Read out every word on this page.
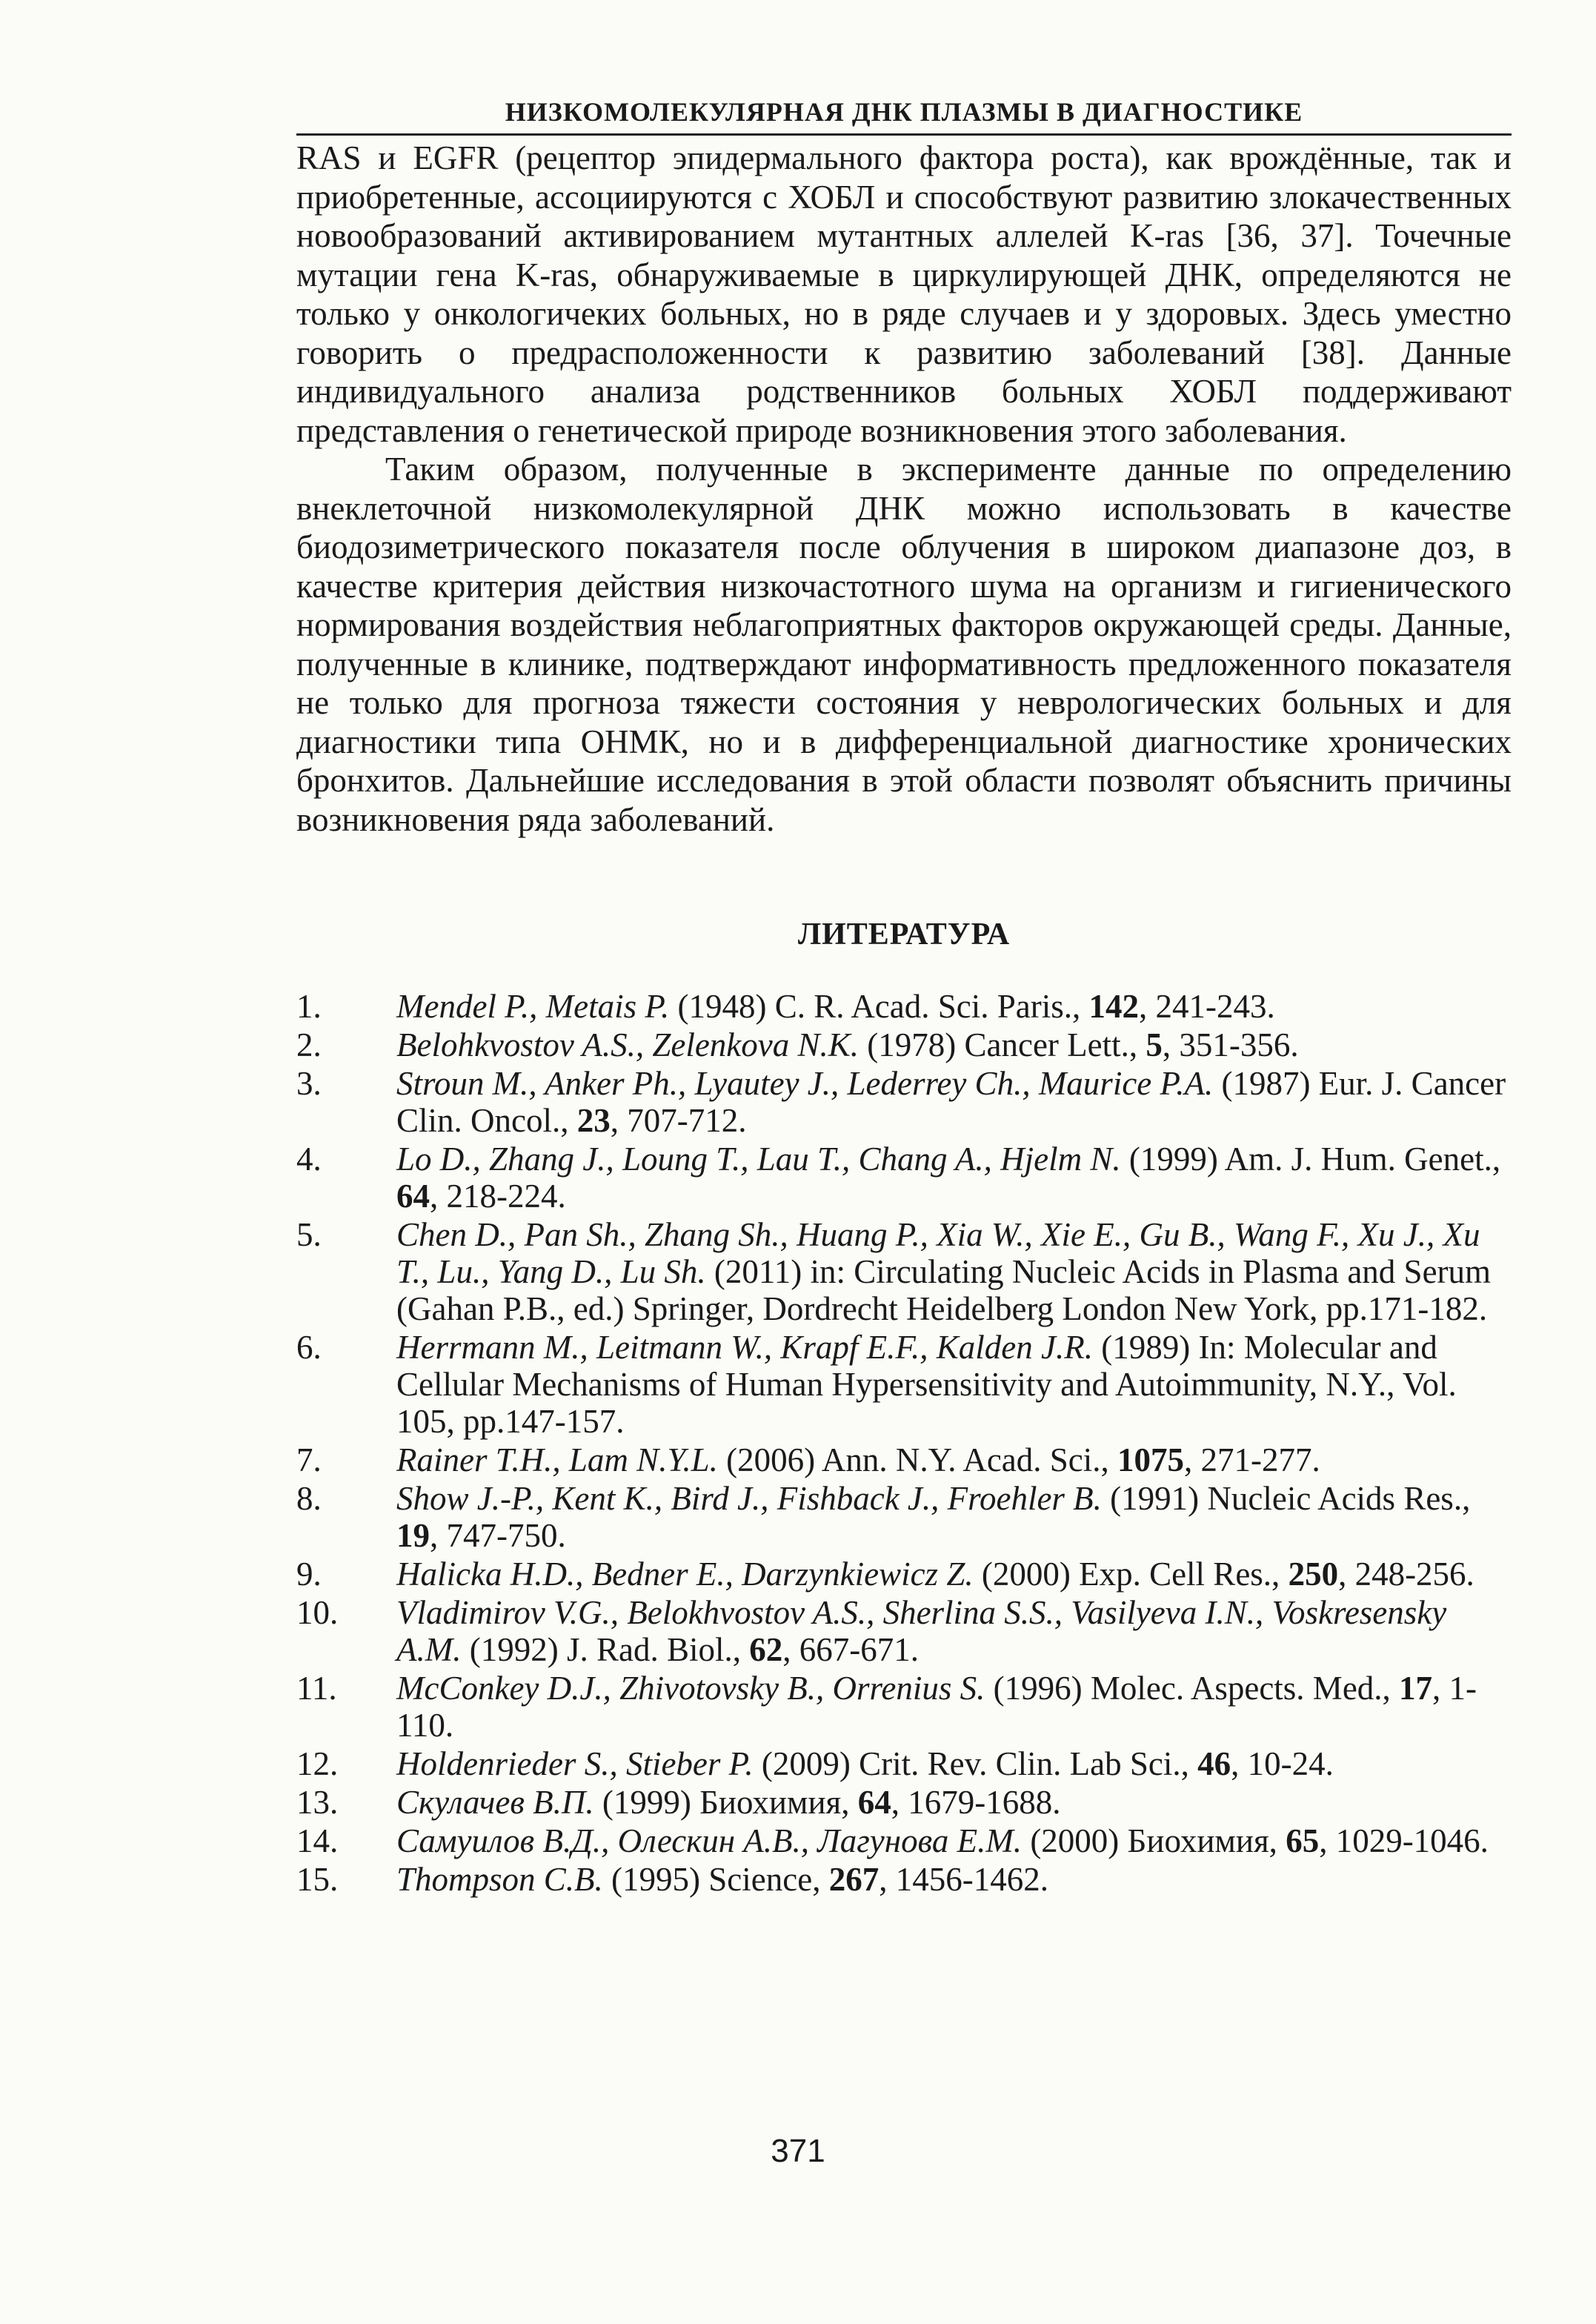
НИЗКОМОЛЕКУЛЯРНАЯ ДНК ПЛАЗМЫ В ДИАГНОСТИКЕ

RAS и EGFR (рецептор эпидермального фактора роста), как врождённые, так и приобретенные, ассоциируются с ХОБЛ и способствуют развитию злокачественных новообразований активированием мутантных аллелей K-ras [36, 37]. Точечные мутации гена K-ras, обнаруживаемые в циркулирующей ДНК, определяются не только у онкологичеких больных, но в ряде случаев и у здоровых. Здесь уместно говорить о предрасположенности к развитию заболеваний [38]. Данные индивидуального анализа родственников больных ХОБЛ поддерживают представления о генетической природе возникновения этого заболевания.

Таким образом, полученные в эксперименте данные по определению внеклеточной низкомолекулярной ДНК можно использовать в качестве биодозиметрического показателя после облучения в широком диапазоне доз, в качестве критерия действия низкочастотного шума на организм и гигиенического нормирования воздействия неблагоприятных факторов окружающей среды. Данные, полученные в клинике, подтверждают информативность предложенного показателя не только для прогноза тяжести состояния у неврологических больных и для диагностики типа ОНМК, но и в дифференциальной диагностике хронических бронхитов. Дальнейшие исследования в этой области позволят объяснить причины возникновения ряда заболеваний.

ЛИТЕРАТУРА
1.	Mendel P., Metais P. (1948) C. R. Acad. Sci. Paris., 142, 241-243.
2.	Belohkvostov A.S., Zelenkova N.K. (1978) Cancer Lett., 5, 351-356.
3.	Stroun M., Anker Ph., Lyautey J., Lederrey Ch., Maurice P.A. (1987) Eur. J. Cancer Clin. Oncol., 23, 707-712.
4.	Lo D., Zhang J., Loung T., Lau T., Chang A., Hjelm N. (1999) Am. J. Hum. Genet., 64, 218-224.
5.	Chen D., Pan Sh., Zhang Sh., Huang P., Xia W., Xie E., Gu B., Wang F., Xu J., Xu T., Lu., Yang D., Lu Sh. (2011) in: Circulating Nucleic Acids in Plasma and Serum (Gahan P.B., ed.) Springer, Dordrecht Heidelberg London New York, pp.171-182.
6.	Herrmann M., Leitmann W., Krapf E.F., Kalden J.R. (1989) In: Molecular and Cellular Mechanisms of Human Hypersensitivity and Autoimmunity, N.Y., Vol. 105, pp.147-157.
7.	Rainer T.H., Lam N.Y.L. (2006) Ann. N.Y. Acad. Sci., 1075, 271-277.
8.	Show J.-P., Kent K., Bird J., Fishback J., Froehler B. (1991) Nucleic Acids Res., 19, 747-750.
9.	Halicka H.D., Bedner E., Darzynkiewicz Z. (2000) Exp. Cell Res., 250, 248-256.
10.	Vladimirov V.G., Belokhvostov A.S., Sherlina S.S., Vasilyeva I.N., Voskresensky A.M. (1992) J. Rad. Biol., 62, 667-671.
11.	McConkey D.J., Zhivotovsky B., Orrenius S. (1996) Molec. Aspects. Med., 17, 1-110.
12.	Holdenrieder S., Stieber P. (2009) Crit. Rev. Clin. Lab Sci., 46, 10-24.
13.	Скулачев В.П. (1999) Биохимия, 64, 1679-1688.
14.	Самуилов В.Д., Олескин А.В., Лагунова Е.М. (2000) Биохимия, 65, 1029-1046.
15.	Thompson C.B. (1995) Science, 267, 1456-1462.
371
